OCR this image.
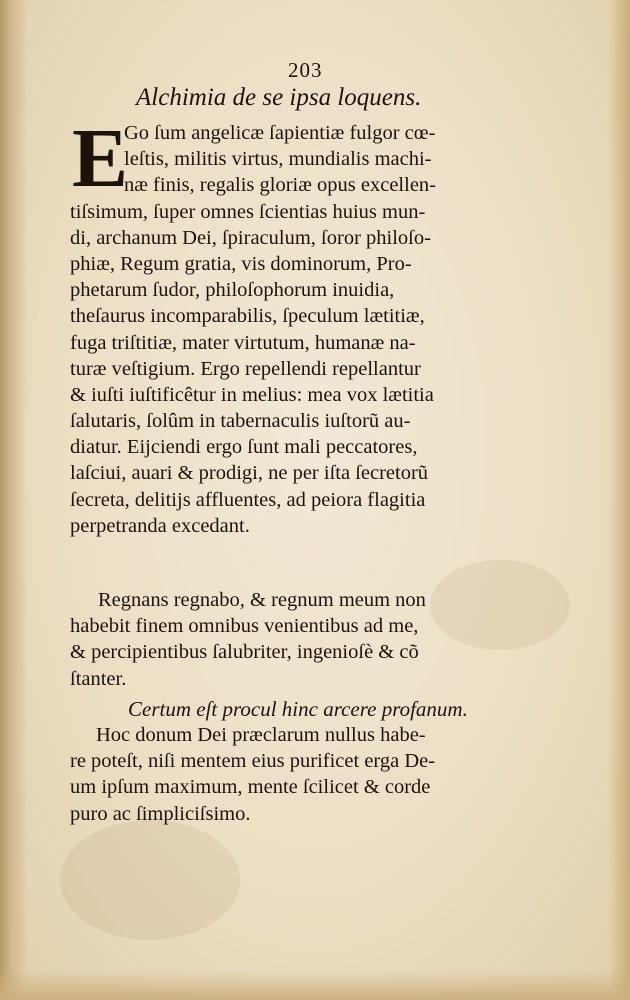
203
Alchimia de se ipsa loquens.
E
Go ſum angelicæ ſapientiæ fulgor cœ-
leſtis, militis virtus, mundialis machi-
næ finis, regalis gloriæ opus excellen-
tiſsimum, ſuper omnes ſcientias huius mun-
di, archanum Dei, ſpiraculum, ſoror philoſo-
phiæ, Regum gratia, vis dominorum, Pro-
phetarum ſudor, philoſophorum inuidia,
theſaurus incomparabilis, ſpeculum lætitiæ,
fuga triſtitiæ, mater virtutum, humanæ na-
turæ veſtigium. Ergo repellendi repellantur
& iuſti iuſtificêtur in melius: mea vox lætitia
ſalutaris, ſolûm in tabernaculis iuſtorũ au-
diatur. Eijciendi ergo ſunt mali peccatores,
laſciui, auari & prodigi, ne per iſta ſecretorũ
ſecreta, delitijs affluentes, ad peiora flagitia
perpetranda excedant.
Regnans regnabo, & regnum meum non
habebit finem omnibus venientibus ad me,
& percipientibus ſalubriter, ingenioſè & cõ
ſtanter.
Certum eſt procul hinc arcere profanum.
Hoc donum Dei præclarum nullus habe-
re poteſt, niſi mentem eius purificet erga De-
um ipſum maximum, mente ſcilicet & corde
puro ac ſimpliciſsimo.
